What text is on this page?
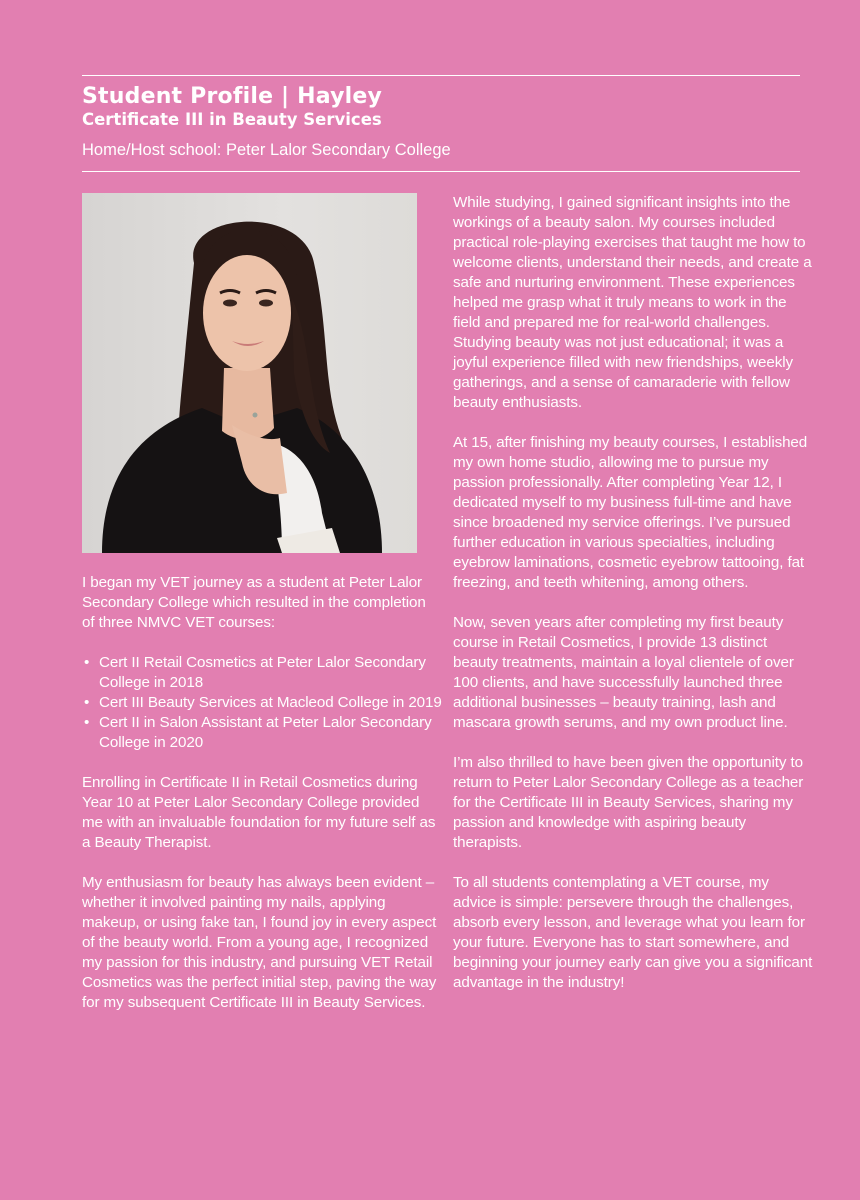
Student Profile | Hayley
Certificate III in Beauty Services
Home/Host school: Peter Lalor Secondary College

I began my VET journey as a student at Peter Lalor Secondary College which resulted in the completion of three NMVC VET courses:

• Cert II Retail Cosmetics at Peter Lalor Secondary College in 2018
• Cert III Beauty Services at Macleod College in 2019
• Cert II in Salon Assistant at Peter Lalor Secondary College in 2020

Enrolling in Certificate II in Retail Cosmetics during Year 10 at Peter Lalor Secondary College provided me with an invaluable foundation for my future self as a Beauty Therapist.

My enthusiasm for beauty has always been evident – whether it involved painting my nails, applying makeup, or using fake tan, I found joy in every aspect of the beauty world. From a young age, I recognized my passion for this industry, and pursuing VET Retail Cosmetics was the perfect initial step, paving the way for my subsequent Certificate III in Beauty Services.

While studying, I gained significant insights into the workings of a beauty salon. My courses included practical role-playing exercises that taught me how to welcome clients, understand their needs, and create a safe and nurturing environment. These experiences helped me grasp what it truly means to work in the field and prepared me for real-world challenges. Studying beauty was not just educational; it was a joyful experience filled with new friendships, weekly gatherings, and a sense of camaraderie with fellow beauty enthusiasts.

At 15, after finishing my beauty courses, I established my own home studio, allowing me to pursue my passion professionally. After completing Year 12, I dedicated myself to my business full-time and have since broadened my service offerings. I’ve pursued further education in various specialties, including eyebrow laminations, cosmetic eyebrow tattooing, fat freezing, and teeth whitening, among others.

Now, seven years after completing my first beauty course in Retail Cosmetics, I provide 13 distinct beauty treatments, maintain a loyal clientele of over 100 clients, and have successfully launched three additional businesses – beauty training, lash and mascara growth serums, and my own product line.

I’m also thrilled to have been given the opportunity to return to Peter Lalor Secondary College as a teacher for the Certificate III in Beauty Services, sharing my passion and knowledge with aspiring beauty therapists.

To all students contemplating a VET course, my advice is simple: persevere through the challenges, absorb every lesson, and leverage what you learn for your future. Everyone has to start somewhere, and beginning your journey early can give you a significant advantage in the industry!
